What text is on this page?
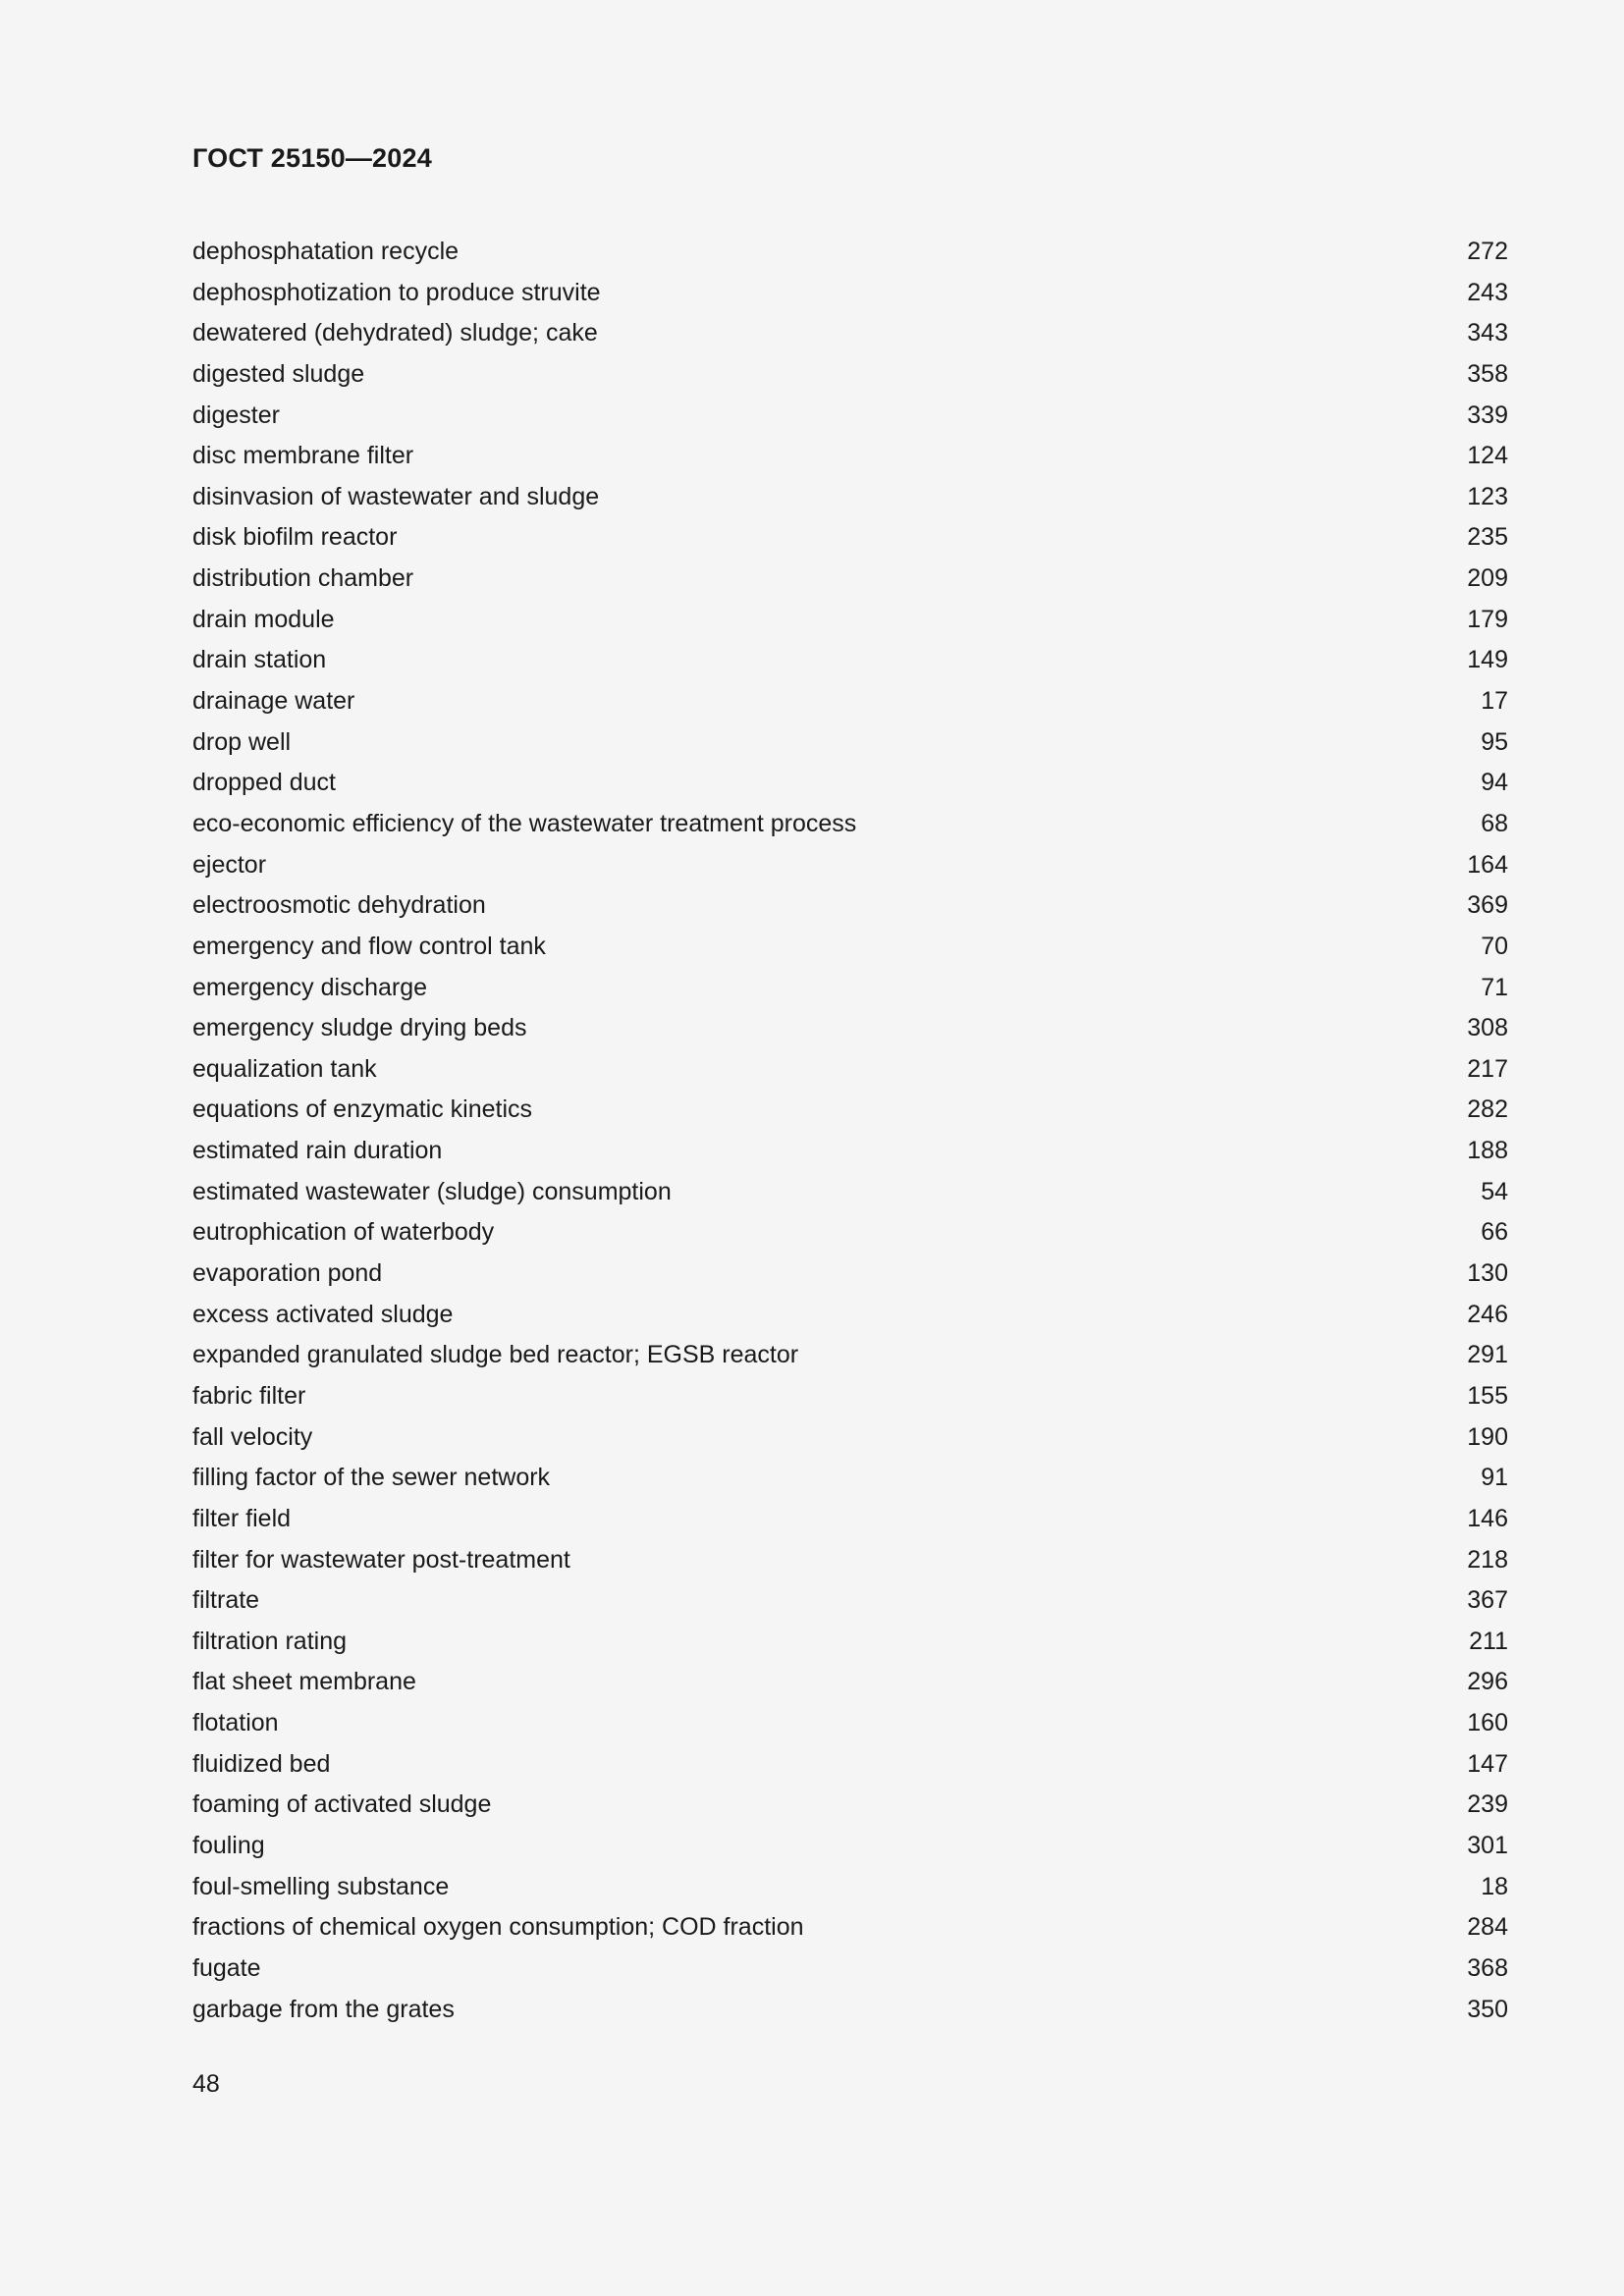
ГОСТ 25150—2024
dephosphatation recycle	272
dephosphotization to produce struvite	243
dewatered (dehydrated) sludge; cake	343
digested sludge	358
digester	339
disc membrane filter	124
disinvasion of wastewater and sludge	123
disk biofilm reactor	235
distribution chamber	209
drain module	179
drain station	149
drainage water	17
drop well	95
dropped duct	94
eco-economic efficiency of the wastewater treatment process	68
ejector	164
electroosmotic dehydration	369
emergency and flow control tank	70
emergency discharge	71
emergency sludge drying beds	308
equalization tank	217
equations of enzymatic kinetics	282
estimated rain duration	188
estimated wastewater (sludge) consumption	54
eutrophication of waterbody	66
evaporation pond	130
excess activated sludge	246
expanded granulated sludge bed reactor; EGSB reactor	291
fabric filter	155
fall velocity	190
filling factor of the sewer network	91
filter field	146
filter for wastewater post-treatment	218
filtrate	367
filtration rating	211
flat sheet membrane	296
flotation	160
fluidized bed	147
foaming of activated sludge	239
fouling	301
foul-smelling substance	18
fractions of chemical oxygen consumption; COD fraction	284
fugate	368
garbage from the grates	350
48
